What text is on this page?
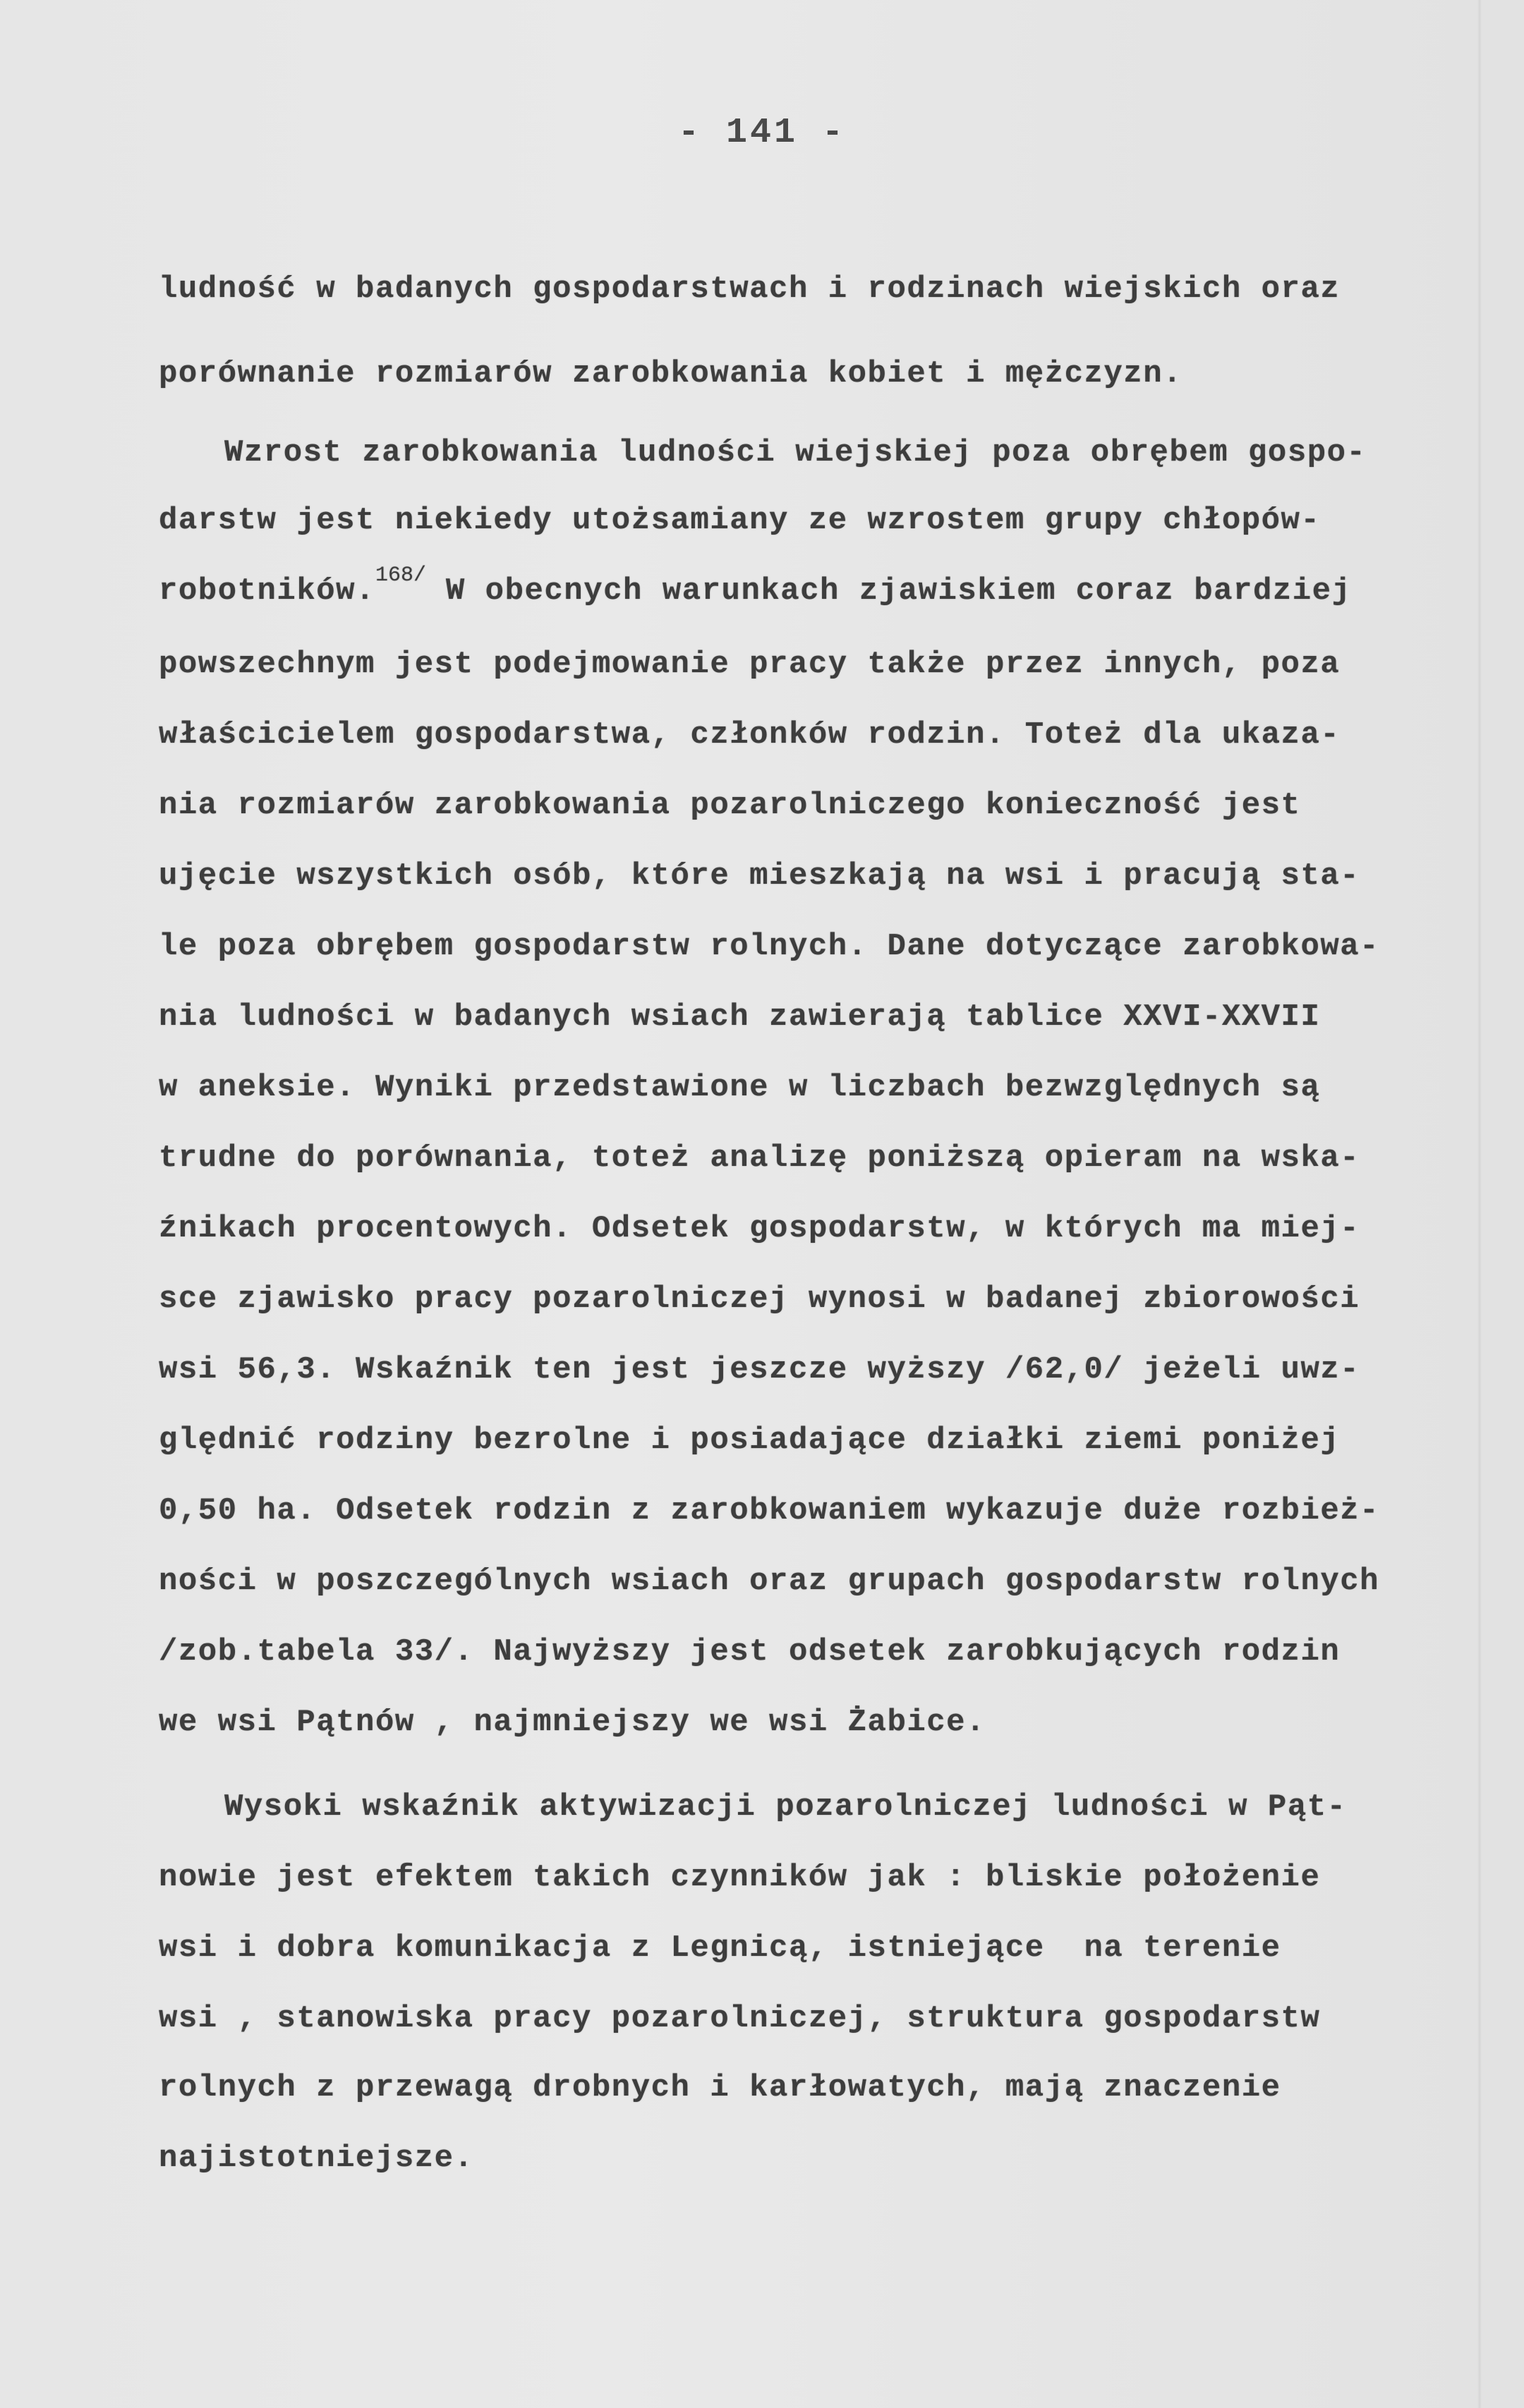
- 141 -
ludność w badanych gospodarstwach i rodzinach wiejskich oraz
porównanie rozmiarów zarobkowania kobiet i mężczyzn.
Wzrost zarobkowania ludności wiejskiej poza obrębem gospo-
darstw jest niekiedy utożsamiany ze wzrostem grupy chłopów-
robotników.$^{168/}$ W obecnych warunkach zjawiskiem coraz bardziej
powszechnym jest podejmowanie pracy także przez innych, poza
właścicielem gospodarstwa, członków rodzin. Toteż dla ukaza-
nia rozmiarów zarobkowania pozarolniczego konieczność jest
ujęcie wszystkich osób, które mieszkają na wsi i pracują sta-
le poza obrębem gospodarstw rolnych. Dane dotyczące zarobkowa-
nia ludności w badanych wsiach zawierają tablice XXVI-XXVII
w aneksie. Wyniki przedstawione w liczbach bezwzględnych są
trudne do porównania, toteż analizę poniższą opieram na wska-
źnikach procentowych. Odsetek gospodarstw, w których ma miej-
sce zjawisko pracy pozarolniczej wynosi w badanej zbiorowości
wsi 56,3. Wskaźnik ten jest jeszcze wyższy /62,0/ jeżeli uwz-
ględnić rodziny bezrolne i posiadające działki ziemi poniżej
0,50 ha. Odsetek rodzin z zarobkowaniem wykazuje duże rozbież-
ności w poszczególnych wsiach oraz grupach gospodarstw rolnych
/zob.tabela 33/. Najwyższy jest odsetek zarobkujących rodzin
we wsi Pątnów , najmniejszy we wsi Żabice.
Wysoki wskaźnik aktywizacji pozarolniczej ludności w Pąt-
nowie jest efektem takich czynników jak : bliskie położenie
wsi i dobra komunikacja z Legnicą, istniejące  na terenie
wsi , stanowiska pracy pozarolniczej, struktura gospodarstw
rolnych z przewagą drobnych i karłowatych, mają znaczenie
najistotniejsze.
